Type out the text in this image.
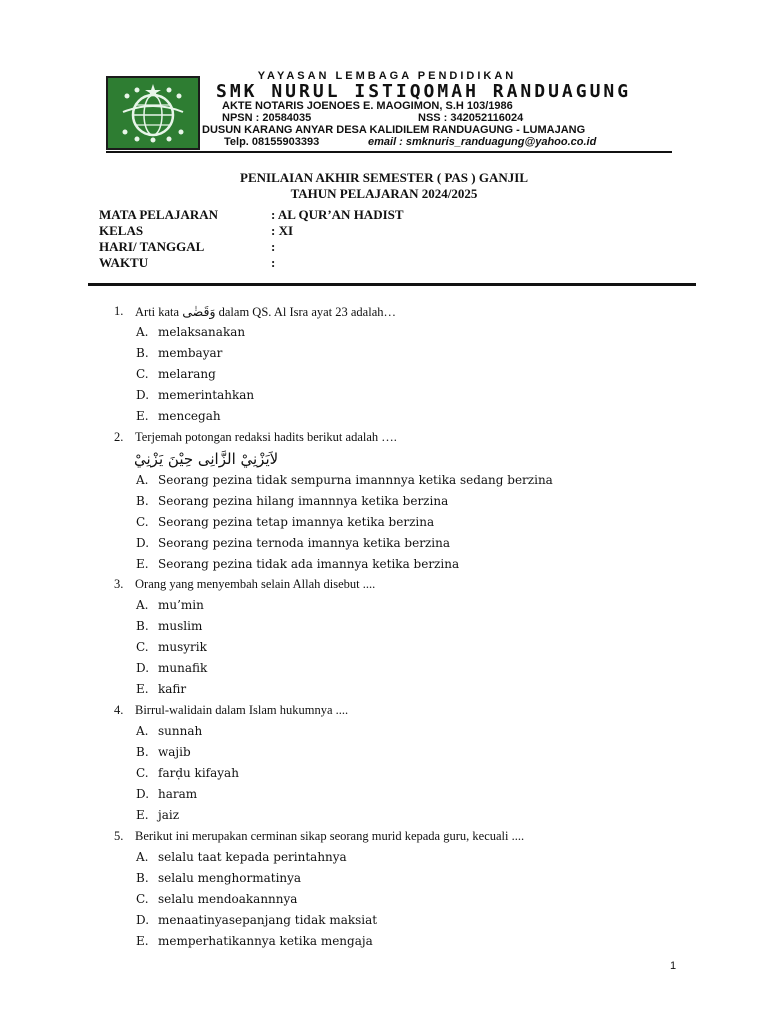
YAYASAN LEMBAGA PENDIDIKAN
SMK NURUL ISTIQOMAH RANDUAGUNG
AKTE NOTARIS JOENOES E. MAOGIMON, S.H 103/1986
NPSN : 20584035	NSS : 342052116024
DUSUN KARANG ANYAR DESA KALIDILEM RANDUAGUNG - LUMAJANG
Telp. 08155903393	email : smknuris_randuagung@yahoo.co.id
PENILAIAN AKHIR SEMESTER ( PAS ) GANJIL
TAHUN PELAJARAN 2024/2025
MATA PELAJARAN	: AL QUR’AN HADIST
KELAS	: XI
HARI/ TANGGAL	:
WAKTU	:
1. Arti kata وَقَضٰى dalam QS. Al Isra ayat 23 adalah…
A. melaksanakan
B. membayar
C. melarang
D. memerintahkan
E. mencegah
2. Terjemah potongan redaksi hadits berikut adalah ….
لاَيَزْنِيْ الزَّانِى حِيْنَ يَزْنِيْ
A. Seorang pezina tidak sempurna imannnya ketika sedang berzina
B. Seorang pezina hilang imannnya ketika berzina
C. Seorang pezina tetap imannya ketika berzina
D. Seorang pezina ternoda imannya ketika berzina
E. Seorang pezina tidak ada imannya ketika berzina
3. Orang yang menyembah selain Allah disebut ....
A. mu’min
B. muslim
C. musyrik
D. munafik
E. kafir
4. Birrul-walidain dalam Islam hukumnya ....
A. sunnah
B. wajib
C. farḍu kifayah
D. haram
E. jaiz
5. Berikut ini merupakan cerminan sikap seorang murid kepada guru, kecuali ....
A. selalu taat kepada perintahnya
B. selalu menghormatinya
C. selalu mendoakannnya
D. menaatinyasepanjang tidak maksiat
E. memperhatikannya ketika mengaja
1
